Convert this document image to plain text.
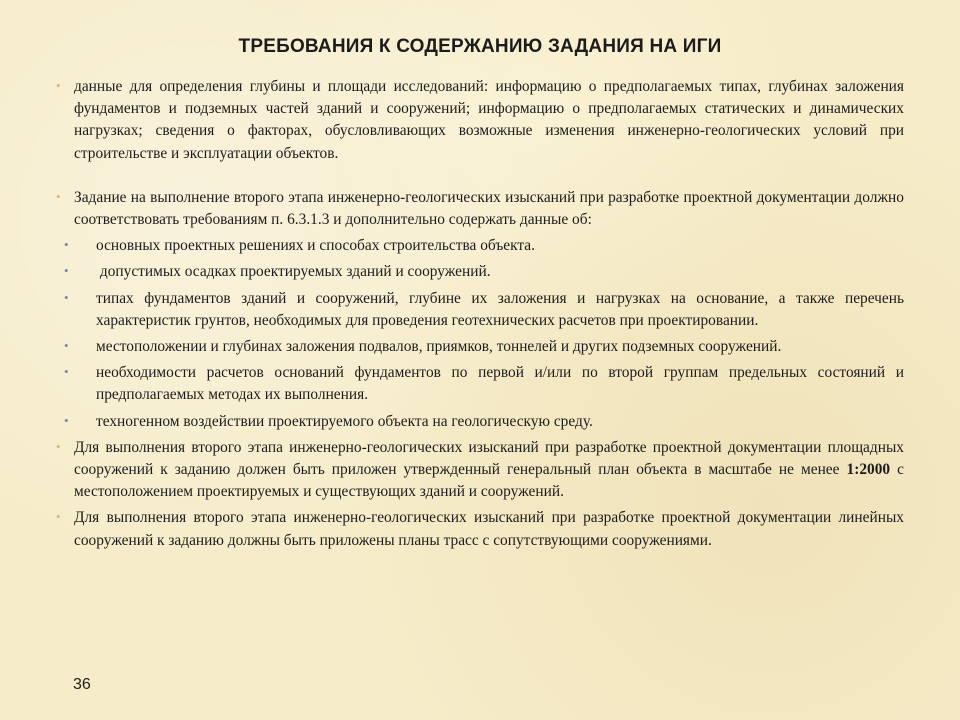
ТРЕБОВАНИЯ К СОДЕРЖАНИЮ ЗАДАНИЯ НА ИГИ
• данные для определения глубины и площади исследований: информацию о предполагаемых типах, глубинах заложения фундаментов и подземных частей зданий и сооружений; информацию о предполагаемых статических и динамических нагрузках; сведения о факторах, обусловливающих возможные изменения инженерно-геологических условий при строительстве и эксплуатации объектов.
• Задание на выполнение второго этапа инженерно-геологических изысканий при разработке проектной документации должно соответствовать требованиям п. 6.3.1.3 и дополнительно содержать данные об:
• основных проектных решениях и способах строительства объекта.
• допустимых осадках проектируемых зданий и сооружений.
• типах фундаментов зданий и сооружений, глубине их заложения и нагрузках на основание, а также перечень характеристик грунтов, необходимых для проведения геотехнических расчетов при проектировании.
• местоположении и глубинах заложения подвалов, приямков, тоннелей и других подземных сооружений.
• необходимости расчетов оснований фундаментов по первой и/или по второй группам предельных состояний и предполагаемых методах их выполнения.
• техногенном воздействии проектируемого объекта на геологическую среду.
• Для выполнения второго этапа инженерно-геологических изысканий при разработке проектной документации площадных сооружений к заданию должен быть приложен утвержденный генеральный план объекта в масштабе не менее 1:2000 с местоположением проектируемых и существующих зданий и сооружений.
• Для выполнения второго этапа инженерно-геологических изысканий при разработке проектной документации линейных сооружений к заданию должны быть приложены планы трасс с сопутствующими сооружениями.
36
